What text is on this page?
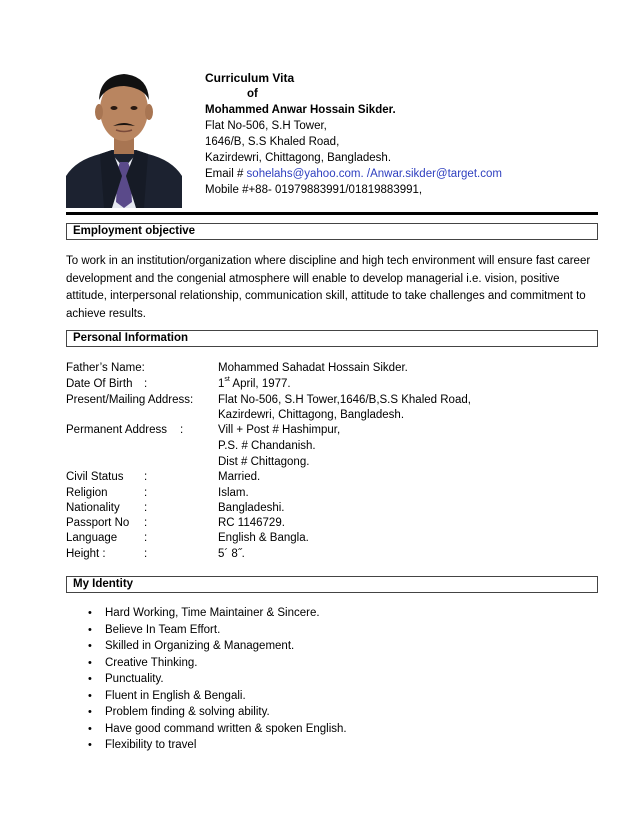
Curriculum Vita
of
Mohammed Anwar Hossain Sikder.
Flat No-506, S.H Tower,
1646/B, S.S Khaled Road,
Kazirdewri, Chittagong, Bangladesh.
Email # sohelahs@yahoo.com. /Anwar.sikder@target.com
Mobile #+88- 01979883991/01819883991,
Employment objective
To work in an institution/organization where discipline and high tech environment will ensure fast career development and the congenial atmosphere will enable to develop managerial i.e. vision, positive attitude, interpersonal relationship, communication skill, attitude to take challenges and commitment to achieve results.
Personal Information
Father’s Name:	Mohammed Sahadat Hossain Sikder.
Date Of Birth :	1st April, 1977.
Present/Mailing Address: Flat No-506, S.H Tower,1646/B,S.S Khaled Road,
Kazirdewri, Chittagong, Bangladesh.
Permanent Address :	Vill + Post # Hashimpur,
P.S. # Chandanish.
Dist # Chittagong.
Civil Status :	Married.
Religion	:	Islam.
Nationality :	Bangladeshi.
Passport No :	RC 1146729.
Language :	English & Bangla.
Height :	:	5´ 8˝.
My Identity
•	Hard Working, Time Maintainer & Sincere.
•	Believe In Team Effort.
•	Skilled in Organizing & Management.
•	Creative Thinking.
•	Punctuality.
•	Fluent in English & Bengali.
•	Problem finding & solving ability.
•	Have good command written & spoken English.
•	Flexibility to travel
